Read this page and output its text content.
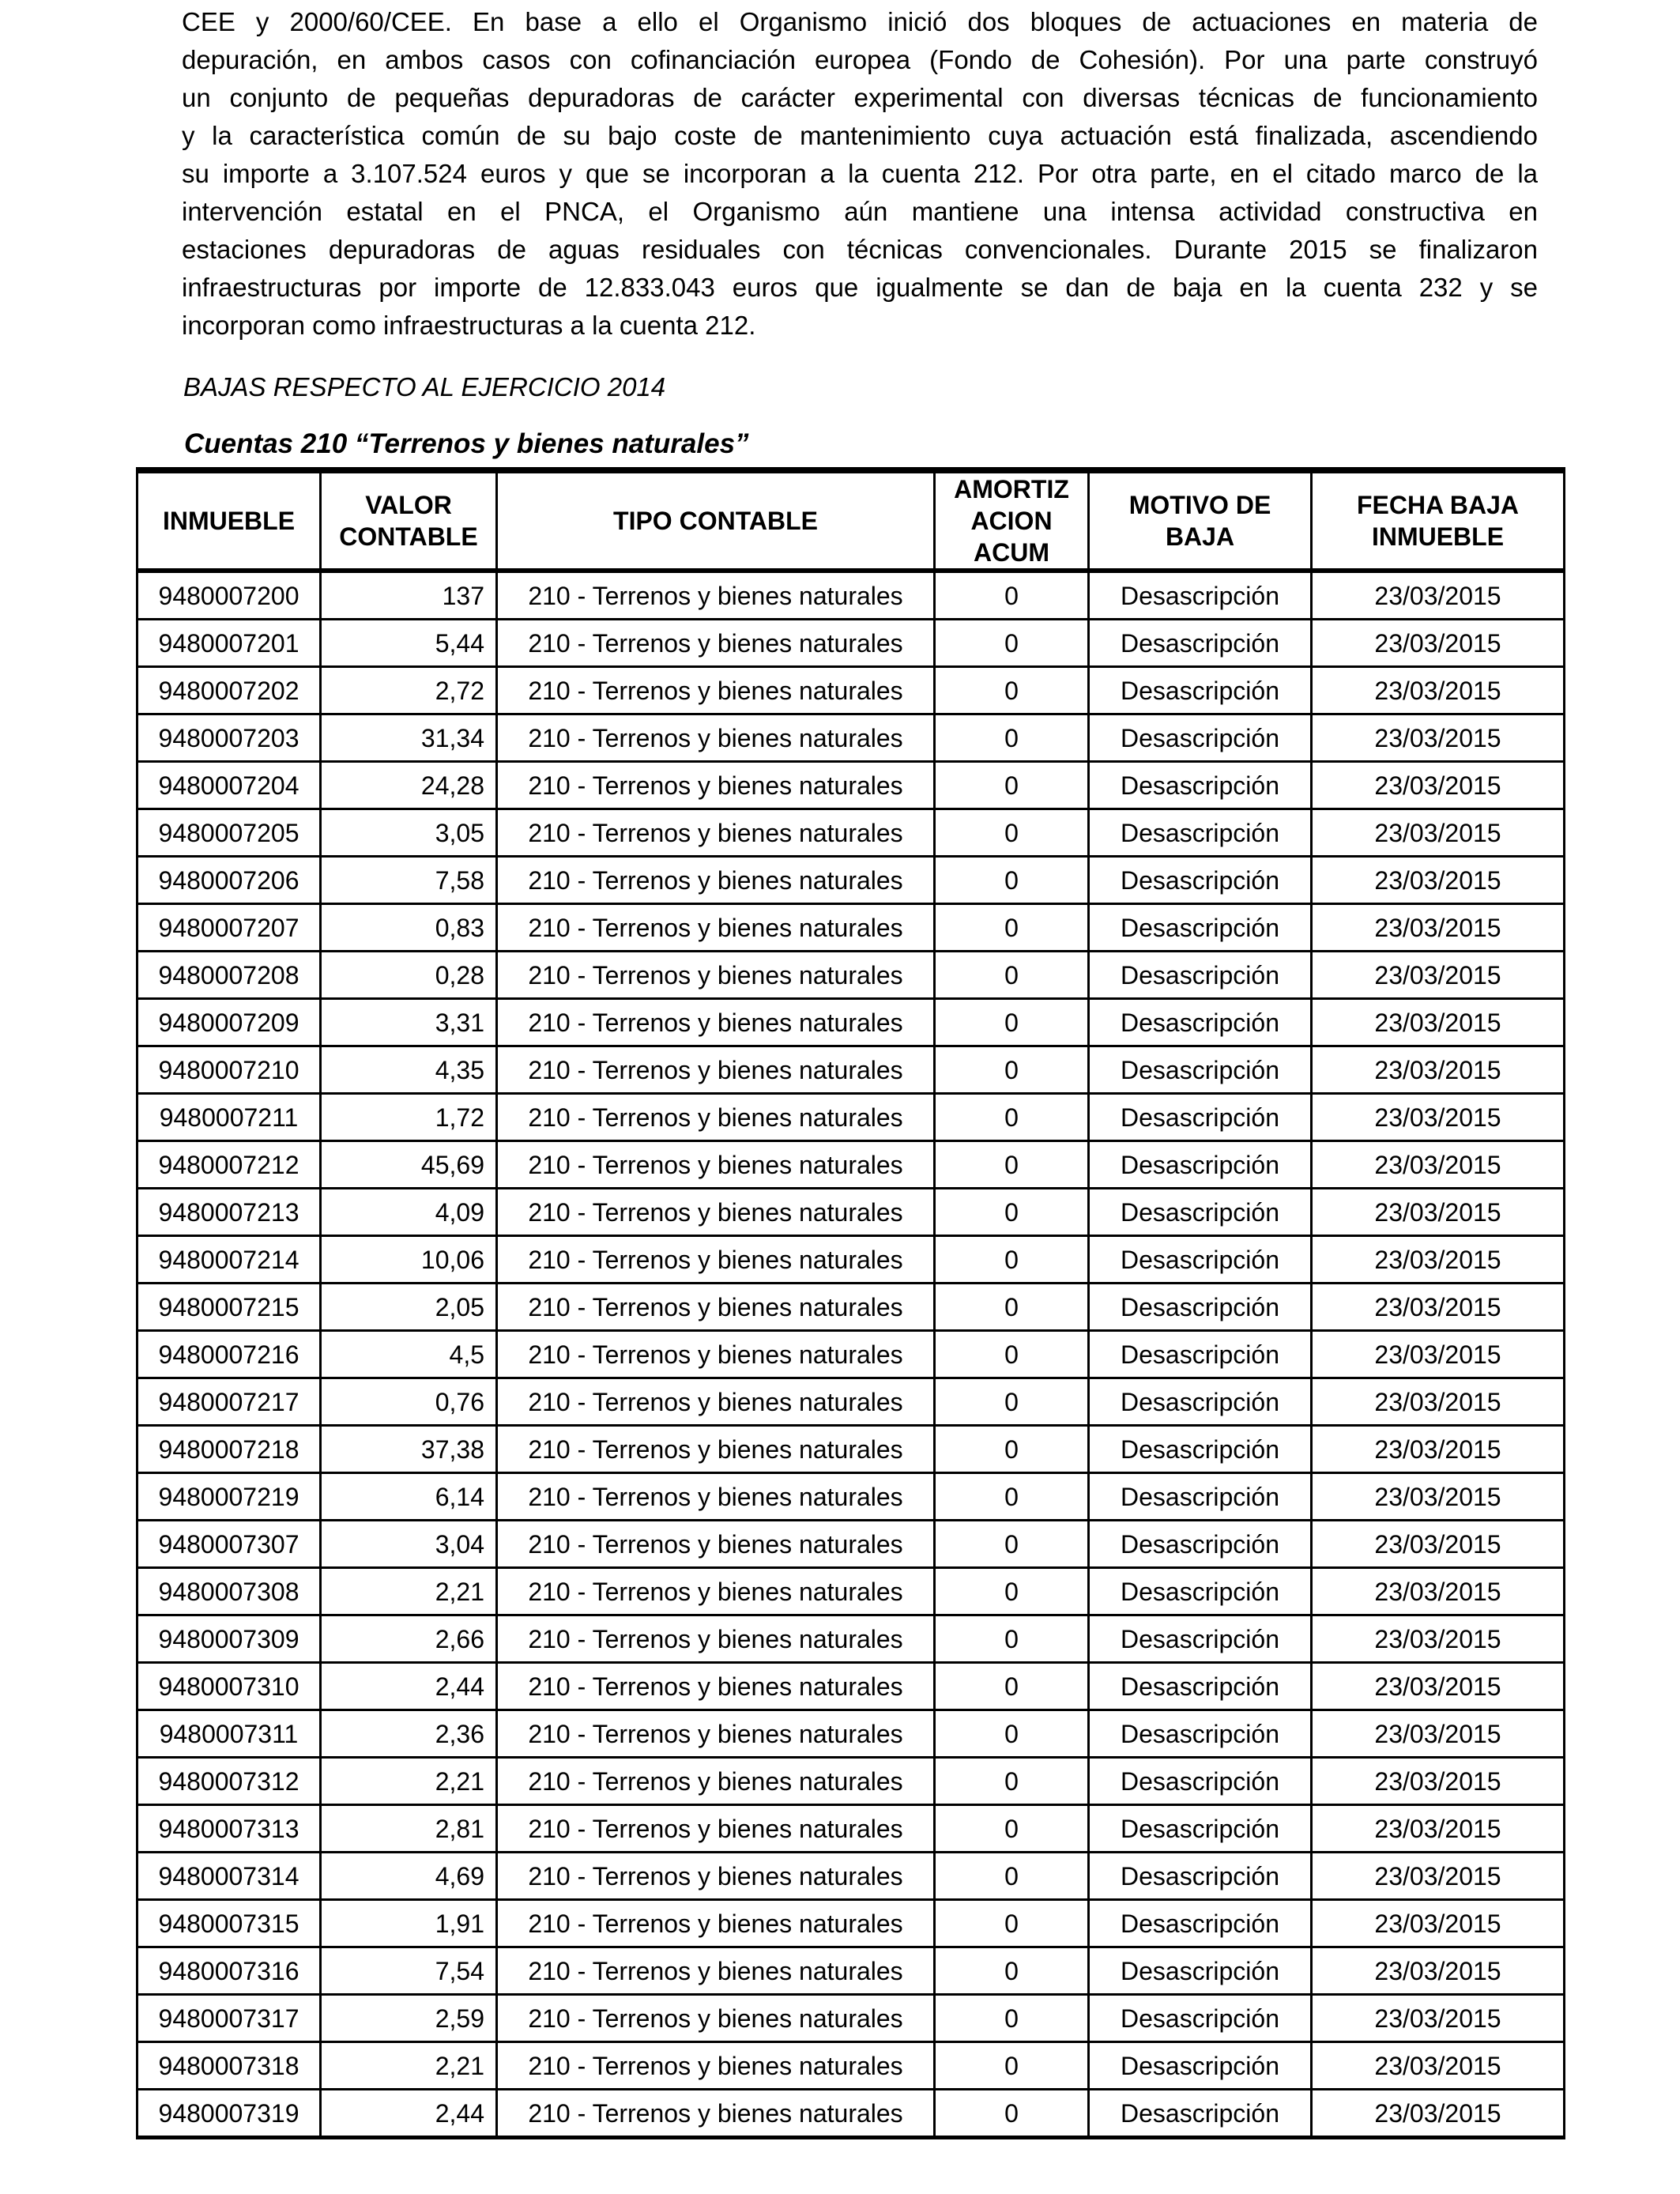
CEE y 2000/60/CEE. En base a ello el Organismo inició dos bloques de actuaciones en materia de
depuración, en ambos casos con cofinanciación europea (Fondo de Cohesión). Por una parte construyó
un conjunto de pequeñas depuradoras de carácter experimental con diversas técnicas de funcionamiento
y la característica común de su bajo coste de mantenimiento cuya actuación está finalizada, ascendiendo
su importe a 3.107.524 euros y que se incorporan a la cuenta 212. Por otra parte, en el citado marco de la
intervención estatal en el PNCA, el Organismo aún mantiene una intensa actividad constructiva en
estaciones depuradoras de aguas residuales con técnicas convencionales. Durante 2015 se finalizaron
infraestructuras por importe de 12.833.043 euros que igualmente se dan de baja en la cuenta 232 y se
incorporan como infraestructuras a la cuenta 212.
BAJAS RESPECTO AL EJERCICIO 2014
Cuentas 210 “Terrenos y bienes naturales”
INMUEBLE	VALOR CONTABLE	TIPO CONTABLE	AMORTIZ ACION ACUM	MOTIVO DE BAJA	FECHA BAJA INMUEBLE
9480007200	137	210 - Terrenos y bienes naturales	0	Desascripción	23/03/2015
9480007201	5,44	210 - Terrenos y bienes naturales	0	Desascripción	23/03/2015
9480007202	2,72	210 - Terrenos y bienes naturales	0	Desascripción	23/03/2015
9480007203	31,34	210 - Terrenos y bienes naturales	0	Desascripción	23/03/2015
9480007204	24,28	210 - Terrenos y bienes naturales	0	Desascripción	23/03/2015
9480007205	3,05	210 - Terrenos y bienes naturales	0	Desascripción	23/03/2015
9480007206	7,58	210 - Terrenos y bienes naturales	0	Desascripción	23/03/2015
9480007207	0,83	210 - Terrenos y bienes naturales	0	Desascripción	23/03/2015
9480007208	0,28	210 - Terrenos y bienes naturales	0	Desascripción	23/03/2015
9480007209	3,31	210 - Terrenos y bienes naturales	0	Desascripción	23/03/2015
9480007210	4,35	210 - Terrenos y bienes naturales	0	Desascripción	23/03/2015
9480007211	1,72	210 - Terrenos y bienes naturales	0	Desascripción	23/03/2015
9480007212	45,69	210 - Terrenos y bienes naturales	0	Desascripción	23/03/2015
9480007213	4,09	210 - Terrenos y bienes naturales	0	Desascripción	23/03/2015
9480007214	10,06	210 - Terrenos y bienes naturales	0	Desascripción	23/03/2015
9480007215	2,05	210 - Terrenos y bienes naturales	0	Desascripción	23/03/2015
9480007216	4,5	210 - Terrenos y bienes naturales	0	Desascripción	23/03/2015
9480007217	0,76	210 - Terrenos y bienes naturales	0	Desascripción	23/03/2015
9480007218	37,38	210 - Terrenos y bienes naturales	0	Desascripción	23/03/2015
9480007219	6,14	210 - Terrenos y bienes naturales	0	Desascripción	23/03/2015
9480007307	3,04	210 - Terrenos y bienes naturales	0	Desascripción	23/03/2015
9480007308	2,21	210 - Terrenos y bienes naturales	0	Desascripción	23/03/2015
9480007309	2,66	210 - Terrenos y bienes naturales	0	Desascripción	23/03/2015
9480007310	2,44	210 - Terrenos y bienes naturales	0	Desascripción	23/03/2015
9480007311	2,36	210 - Terrenos y bienes naturales	0	Desascripción	23/03/2015
9480007312	2,21	210 - Terrenos y bienes naturales	0	Desascripción	23/03/2015
9480007313	2,81	210 - Terrenos y bienes naturales	0	Desascripción	23/03/2015
9480007314	4,69	210 - Terrenos y bienes naturales	0	Desascripción	23/03/2015
9480007315	1,91	210 - Terrenos y bienes naturales	0	Desascripción	23/03/2015
9480007316	7,54	210 - Terrenos y bienes naturales	0	Desascripción	23/03/2015
9480007317	2,59	210 - Terrenos y bienes naturales	0	Desascripción	23/03/2015
9480007318	2,21	210 - Terrenos y bienes naturales	0	Desascripción	23/03/2015
9480007319	2,44	210 - Terrenos y bienes naturales	0	Desascripción	23/03/2015
